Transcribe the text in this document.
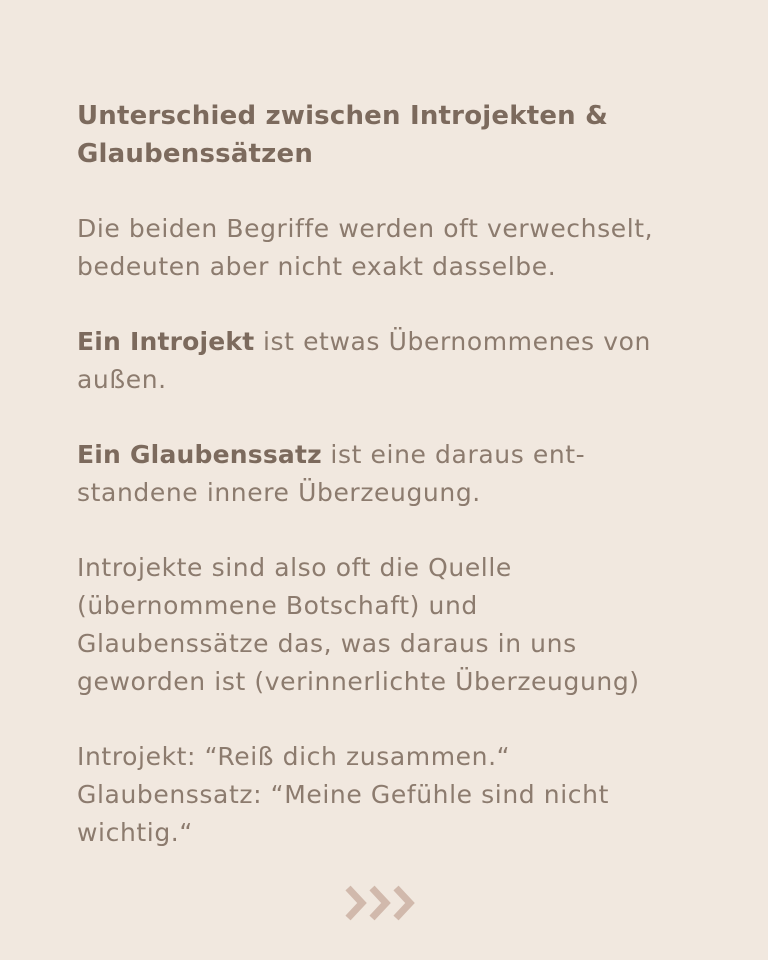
Unterschied zwischen Introjekten &
Glaubenssätzen

Die beiden Begriffe werden oft verwechselt,
bedeuten aber nicht exakt dasselbe.

Ein Introjekt ist etwas Übernommenes von
außen.

Ein Glaubenssatz ist eine daraus ent-
standene innere Überzeugung.

Introjekte sind also oft die Quelle
(übernommene Botschaft) und
Glaubenssätze das, was daraus in uns
geworden ist (verinnerlichte Überzeugung)

Introjekt: “Reiß dich zusammen.“
Glaubenssatz: “Meine Gefühle sind nicht
wichtig.“
